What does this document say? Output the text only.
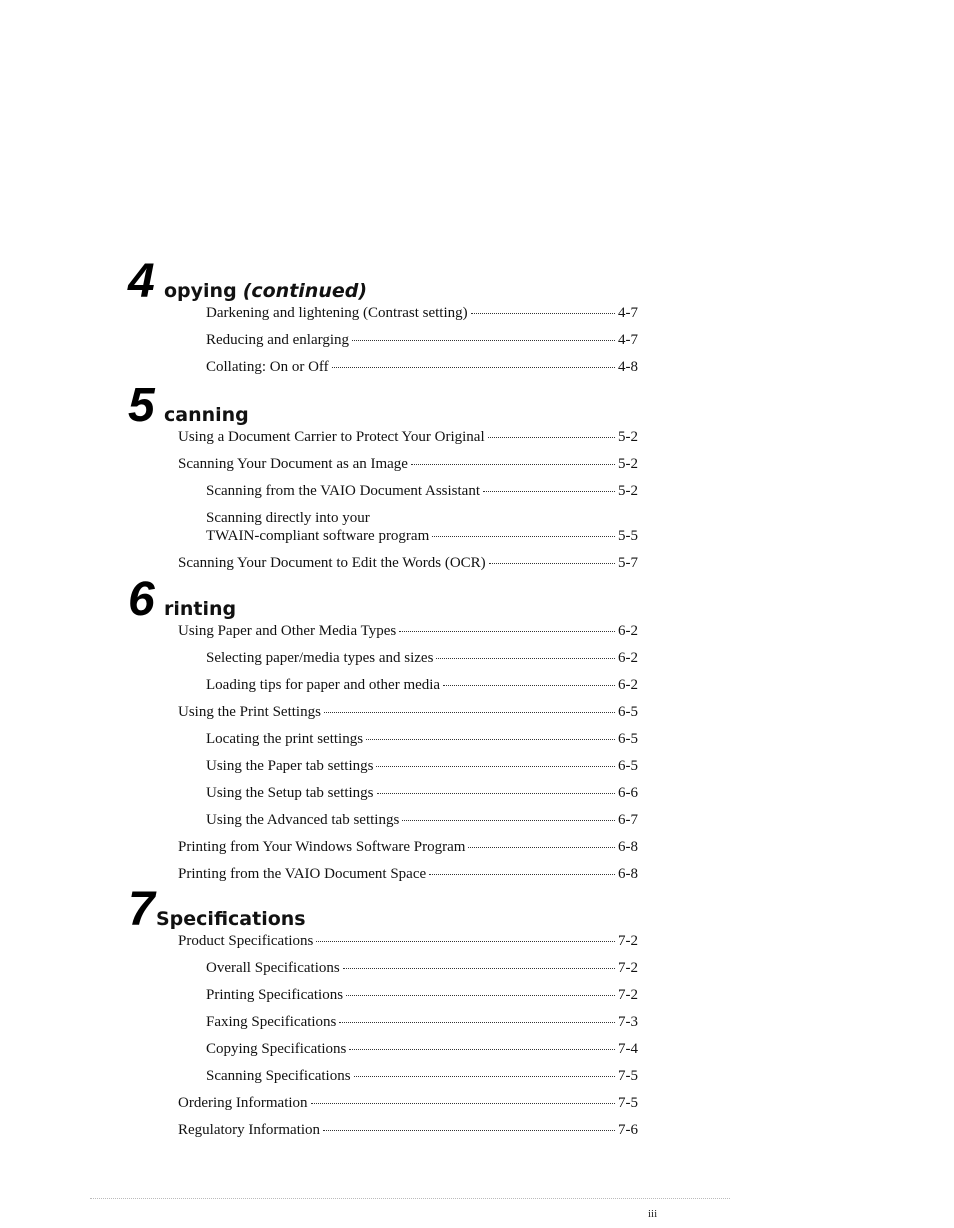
4 opying (continued)
Darkening and lightening (Contrast setting)	4-7
Reducing and enlarging	4-7
Collating: On or Off	4-8
5 canning
Using a Document Carrier to Protect Your Original	5-2
Scanning Your Document as an Image	5-2
Scanning from the VAIO Document Assistant	5-2
Scanning directly into your
TWAIN-compliant software program	5-5
Scanning Your Document to Edit the Words (OCR)	5-7
6 rinting
Using Paper and Other Media Types	6-2
Selecting paper/media types and sizes	6-2
Loading tips for paper and other media	6-2
Using the Print Settings	6-5
Locating the print settings	6-5
Using the Paper tab settings	6-5
Using the Setup tab settings	6-6
Using the Advanced tab settings	6-7
Printing from Your Windows Software Program	6-8
Printing from the VAIO Document Space	6-8
7 Specifications
Product Specifications	7-2
Overall Specifications	7-2
Printing Specifications	7-2
Faxing Specifications	7-3
Copying Specifications	7-4
Scanning Specifications	7-5
Ordering Information	7-5
Regulatory Information	7-6
iii
